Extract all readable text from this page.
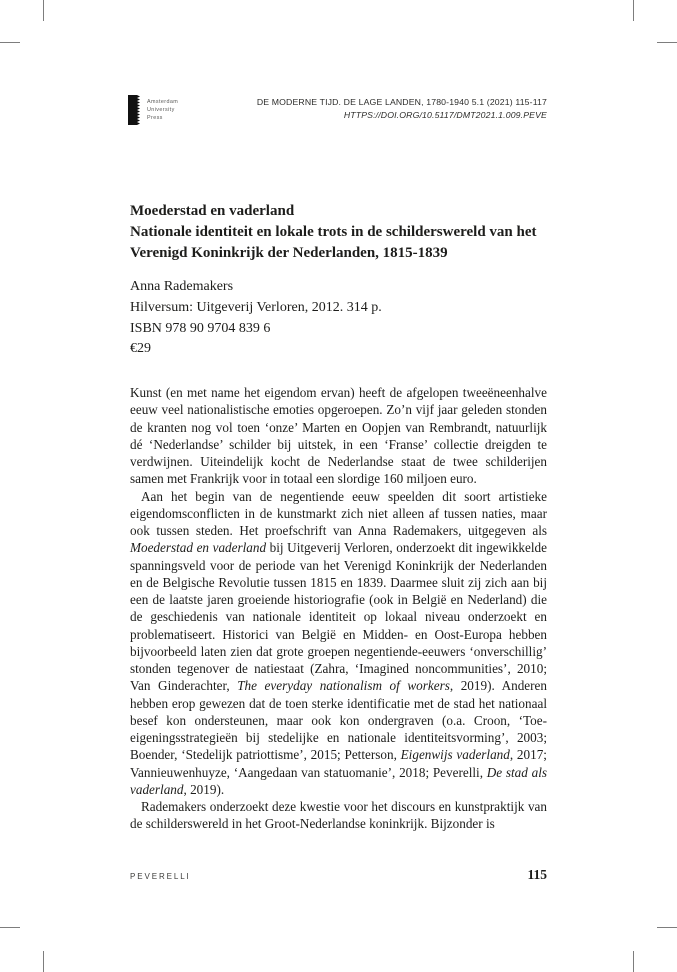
Amsterdam
University
Press
DE MODERNE TIJD. DE LAGE LANDEN, 1780-1940 5.1 (2021) 115-117
HTTPS://DOI.ORG/10.5117/DMT2021.1.009.PEVE
Moederstad en vaderland
Nationale identiteit en lokale trots in de schilderswereld van het Verenigd Koninkrijk der Nederlanden, 1815-1839
Anna Rademakers
Hilversum: Uitgeverij Verloren, 2012. 314 p.
ISBN 978 90 9704 839 6
€29

Kunst (en met name het eigendom ervan) heeft de afgelopen tweeëneenhalve eeuw veel nationalistische emoties opgeroepen. Zo’n vijf jaar geleden stonden de kranten nog vol toen ‘onze’ Marten en Oopjen van Rembrandt, natuurlijk dé ‘Nederlandse’ schilder bij uitstek, in een ‘Franse’ collectie dreigden te verdwijnen. Uiteindelijk kocht de Nederlandse staat de twee schilderijen samen met Frankrijk voor in totaal een slordige 160 miljoen euro.

Aan het begin van de negentiende eeuw speelden dit soort artistieke eigendomsconflicten in de kunstmarkt zich niet alleen af tussen naties, maar ook tussen steden. Het proefschrift van Anna Rademakers, uitgegeven als Moederstad en vaderland bij Uitgeverij Verloren, onderzoekt dit ingewikkelde spanningsveld voor de periode van het Verenigd Koninkrijk der Nederlanden en de Belgische Revolutie tussen 1815 en 1839. Daarmee sluit zij zich aan bij een de laatste jaren groeiende historiografie (ook in België en Nederland) die de geschiedenis van nationale identiteit op lokaal niveau onderzoekt en problematiseert. Historici van België en Midden- en Oost-Europa hebben bijvoorbeeld laten zien dat grote groepen negentiende-eeuwers ‘onverschillig’ stonden tegenover de natiestaat (Zahra, ‘Imagined noncommunities’, 2010; Van Ginderachter, The everyday nationalism of workers, 2019). Anderen hebben erop gewezen dat de toen sterke identificatie met de stad het nationaal besef kon ondersteunen, maar ook kon ondergraven (o.a. Croon, ‘Toe-eigeningsstrategieën bij stedelijke en nationale identiteitsvorming’, 2003; Boender, ‘Stedelijk patriottisme’, 2015; Petterson, Eigenwijs vaderland, 2017; Vannieuwenhuyze, ‘Aangedaan van statuomanie’, 2018; Peverelli, De stad als vaderland, 2019).

Rademakers onderzoekt deze kwestie voor het discours en kunstpraktijk van de schilderswereld in het Groot-Nederlandse koninkrijk. Bijzonder is

PEVERELLI	115
